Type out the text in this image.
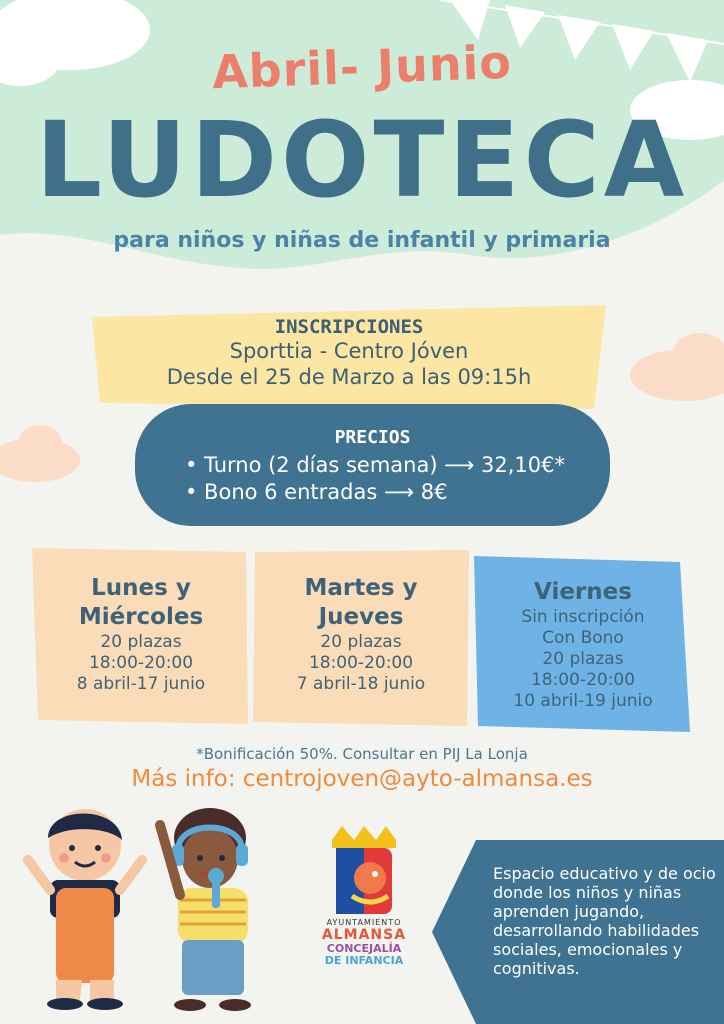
Abril- Junio
LUDOTECA
para niños y niñas de infantil y primaria
INSCRIPCIONES
Sporttia - Centro Jóven
Desde el 25 de Marzo a las 09:15h
PRECIOS
• Turno (2 días semana) ⟶ 32,10€*
• Bono 6 entradas ⟶ 8€
Lunes y
Miércoles
20 plazas
18:00-20:00
8 abril-17 junio
Martes y
Jueves
20 plazas
18:00-20:00
7 abril-18 junio
Viernes
Sin inscripción
Con Bono
20 plazas
18:00-20:00
10 abril-19 junio
*Bonificación 50%. Consultar en PIJ La Lonja
Más info: centrojoven@ayto-almansa.es
AYUNTAMIENTO
ALMANSA
CONCEJALÍA
DE INFANCIA
Espacio educativo y de ocio donde los niños y niñas aprenden jugando, desarrollando habilidades sociales, emocionales y cognitivas.
